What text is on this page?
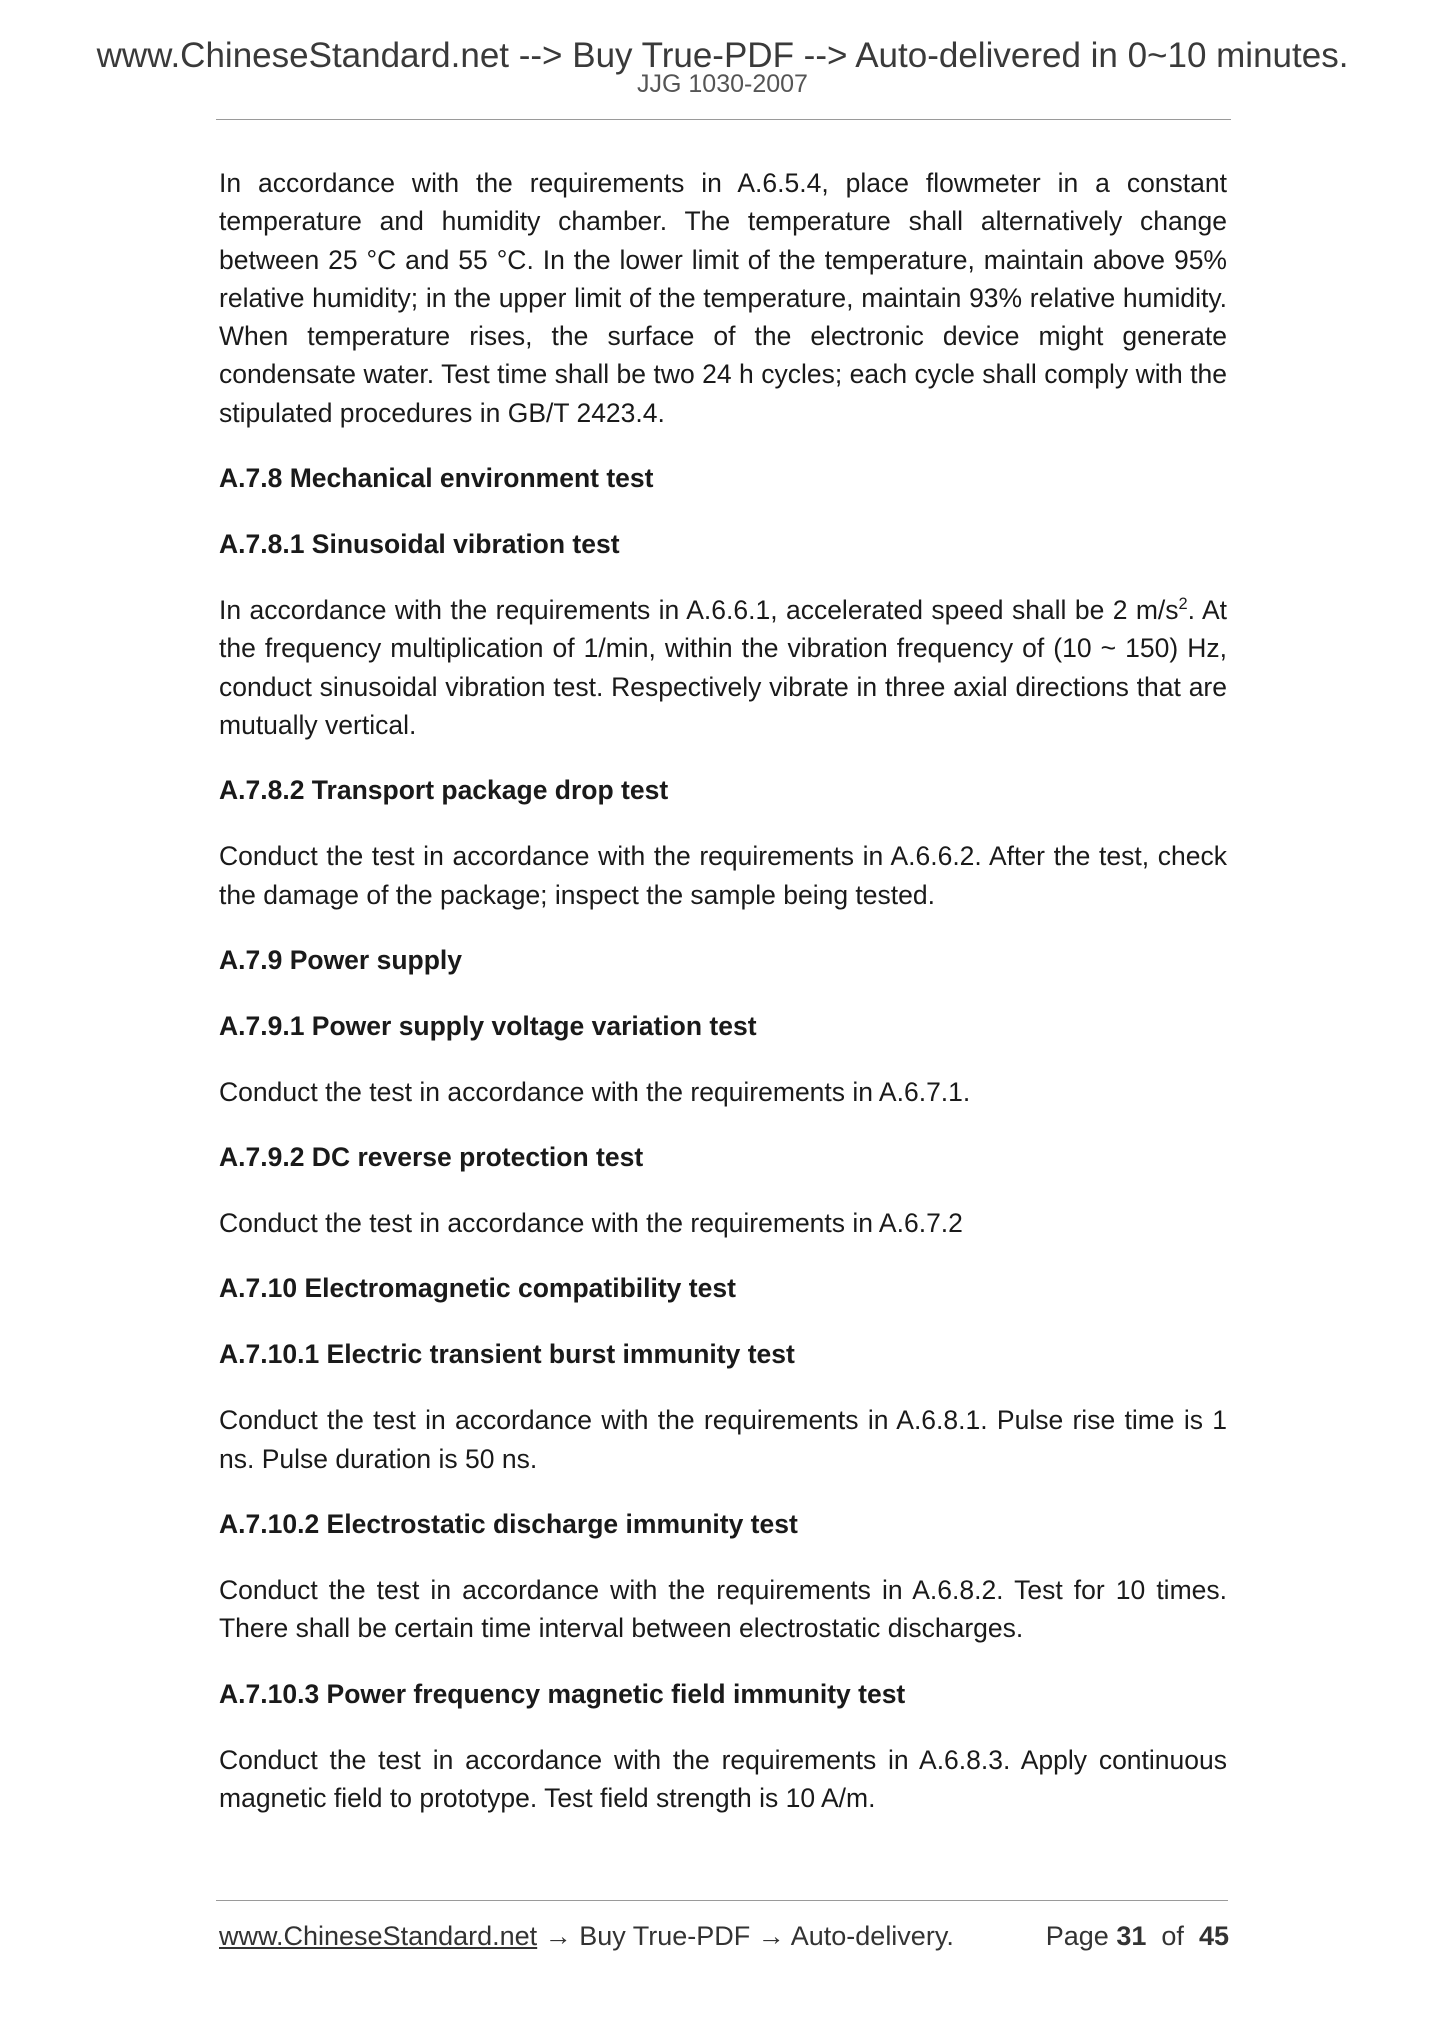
www.ChineseStandard.net --> Buy True-PDF --> Auto-delivered in 0~10 minutes.
JJG 1030-2007

In accordance with the requirements in A.6.5.4, place flowmeter in a constant temperature and humidity chamber. The temperature shall alternatively change between 25 °C and 55 °C. In the lower limit of the temperature, maintain above 95% relative humidity; in the upper limit of the temperature, maintain 93% relative humidity. When temperature rises, the surface of the electronic device might generate condensate water. Test time shall be two 24 h cycles; each cycle shall comply with the stipulated procedures in GB/T 2423.4.

A.7.8 Mechanical environment test
A.7.8.1 Sinusoidal vibration test

In accordance with the requirements in A.6.6.1, accelerated speed shall be 2 $m/s^2$. At the frequency multiplication of 1/min, within the vibration frequency of (10 ~ 150) Hz, conduct sinusoidal vibration test. Respectively vibrate in three axial directions that are mutually vertical.

A.7.8.2 Transport package drop test

Conduct the test in accordance with the requirements in A.6.6.2. After the test, check the damage of the package; inspect the sample being tested.

A.7.9 Power supply
A.7.9.1 Power supply voltage variation test

Conduct the test in accordance with the requirements in A.6.7.1.

A.7.9.2 DC reverse protection test

Conduct the test in accordance with the requirements in A.6.7.2

A.7.10 Electromagnetic compatibility test
A.7.10.1 Electric transient burst immunity test

Conduct the test in accordance with the requirements in A.6.8.1. Pulse rise time is 1 ns. Pulse duration is 50 ns.

A.7.10.2 Electrostatic discharge immunity test

Conduct the test in accordance with the requirements in A.6.8.2. Test for 10 times. There shall be certain time interval between electrostatic discharges.

A.7.10.3 Power frequency magnetic field immunity test

Conduct the test in accordance with the requirements in A.6.8.3. Apply continuous magnetic field to prototype. Test field strength is 10 A/m.

www.ChineseStandard.net → Buy True-PDF → Auto-delivery.	Page 31 of 45
